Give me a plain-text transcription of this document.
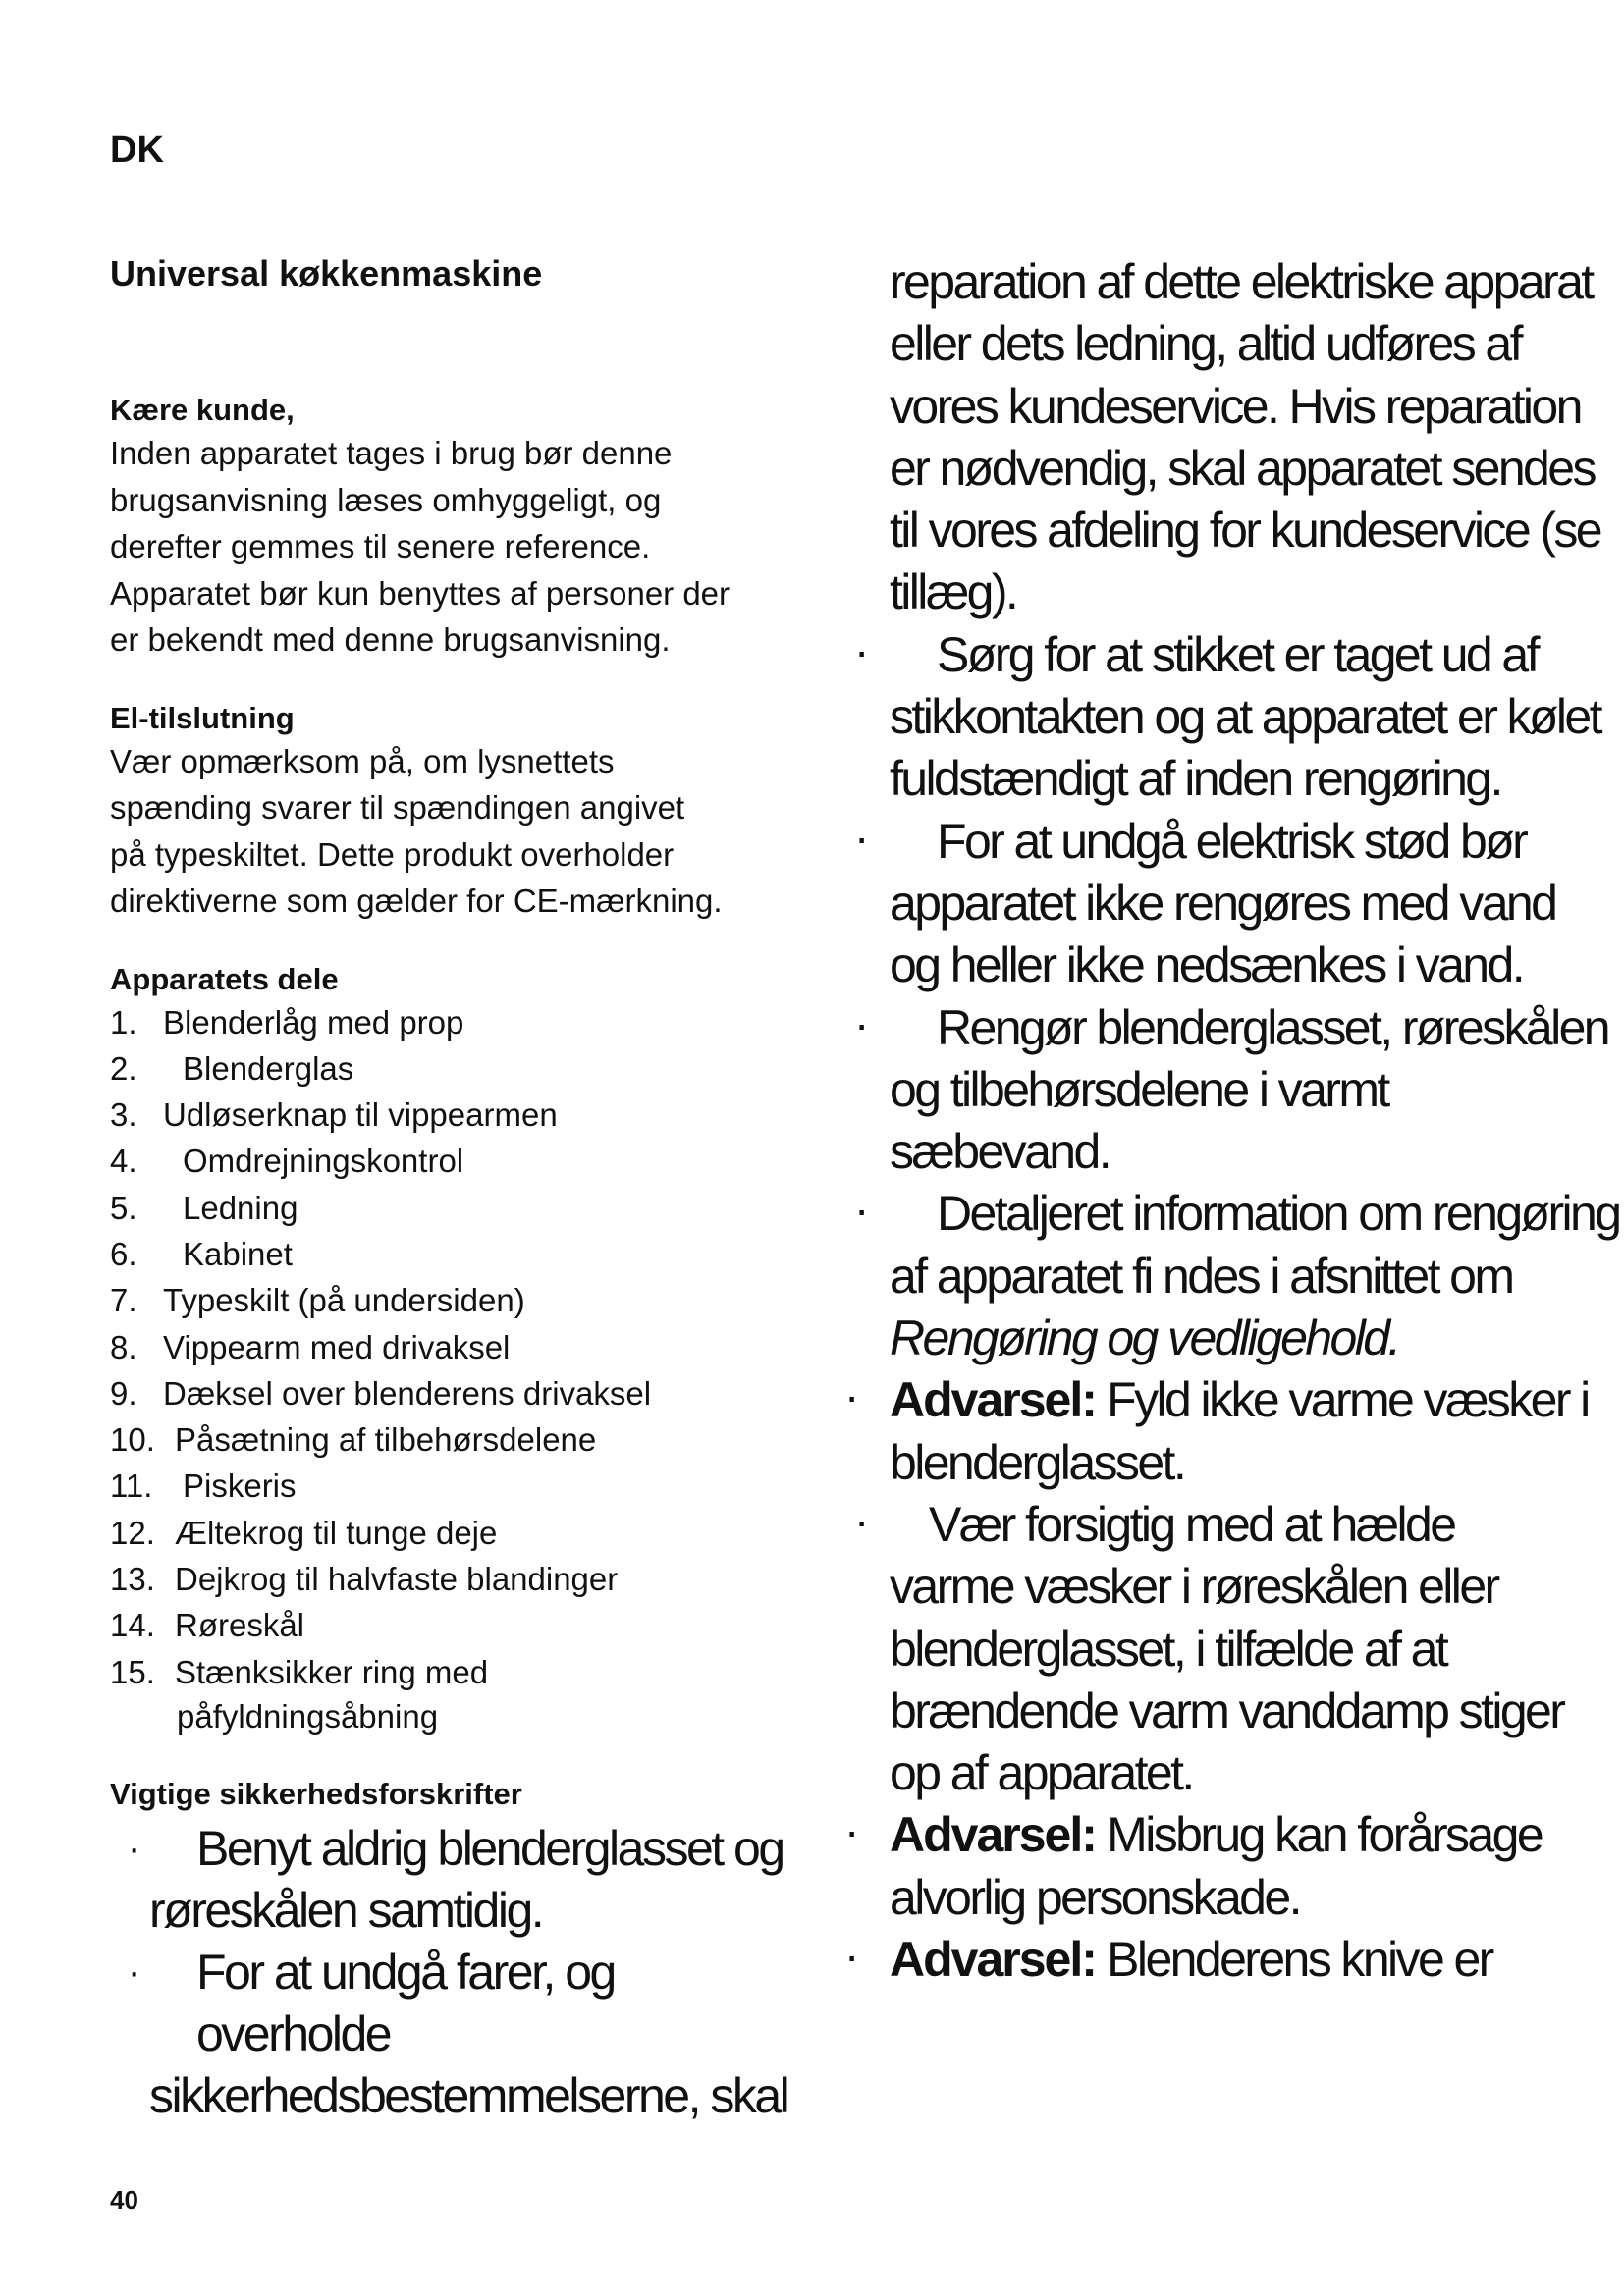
DK
Universal køkkenmaskine
Kære kunde,
Inden apparatet tages i brug bør denne
brugsanvisning læses omhyggeligt, og
derefter gemmes til senere reference.
Apparatet bør kun benyttes af personer der
er bekendt med denne brugsanvisning.
El-tilslutning
Vær opmærksom på, om lysnettets
spænding svarer til spændingen angivet
på typeskiltet. Dette produkt overholder
direktiverne som gælder for CE-mærkning.
Apparatets dele
1. Blenderlåg med prop
2.	Blenderglas
3. Udløserknap til vippearmen
4.	Omdrejningskontrol
5.	Ledning
6.	Kabinet
7. Typeskilt (på undersiden)
8. Vippearm med drivaksel
9. Dæksel over blenderens drivaksel
10. Påsætning af tilbehørsdelene
11. Piskeris
12. Æltekrog til tunge deje
13. Dejkrog til halvfaste blandinger
14. Røreskål
15. Stænksikker ring med
påfyldningsåbning
Vigtige sikkerhedsforskrifter
·	Benyt aldrig blenderglasset og
røreskålen samtidig.
·	For at undgå farer, og overholde
sikkerhedsbestemmelserne, skal
reparation af dette elektriske apparat
eller dets ledning, altid udføres af
vores kundeservice. Hvis reparation
er nødvendig, skal apparatet sendes
til vores afdeling for kundeservice (se
tillæg).
·	Sørg for at stikket er taget ud af
stikkontakten og at apparatet er kølet
fuldstændigt af inden rengøring.
·	For at undgå elektrisk stød bør
apparatet ikke rengøres med vand
og heller ikke nedsænkes i vand.
·	Rengør blenderglasset, røreskålen
og tilbehørsdelene i varmt
sæbevand.
·	Detaljeret information om rengøring
af apparatet fi ndes i afsnittet om
Rengøring og vedligehold.
· Advarsel: Fyld ikke varme væsker i
blenderglasset.
·	Vær forsigtig med at hælde
varme væsker i røreskålen eller
blenderglasset, i tilfælde af at
brændende varm vanddamp stiger
op af apparatet.
· Advarsel: Misbrug kan forårsage
alvorlig personskade.
· Advarsel: Blenderens knive er
40
